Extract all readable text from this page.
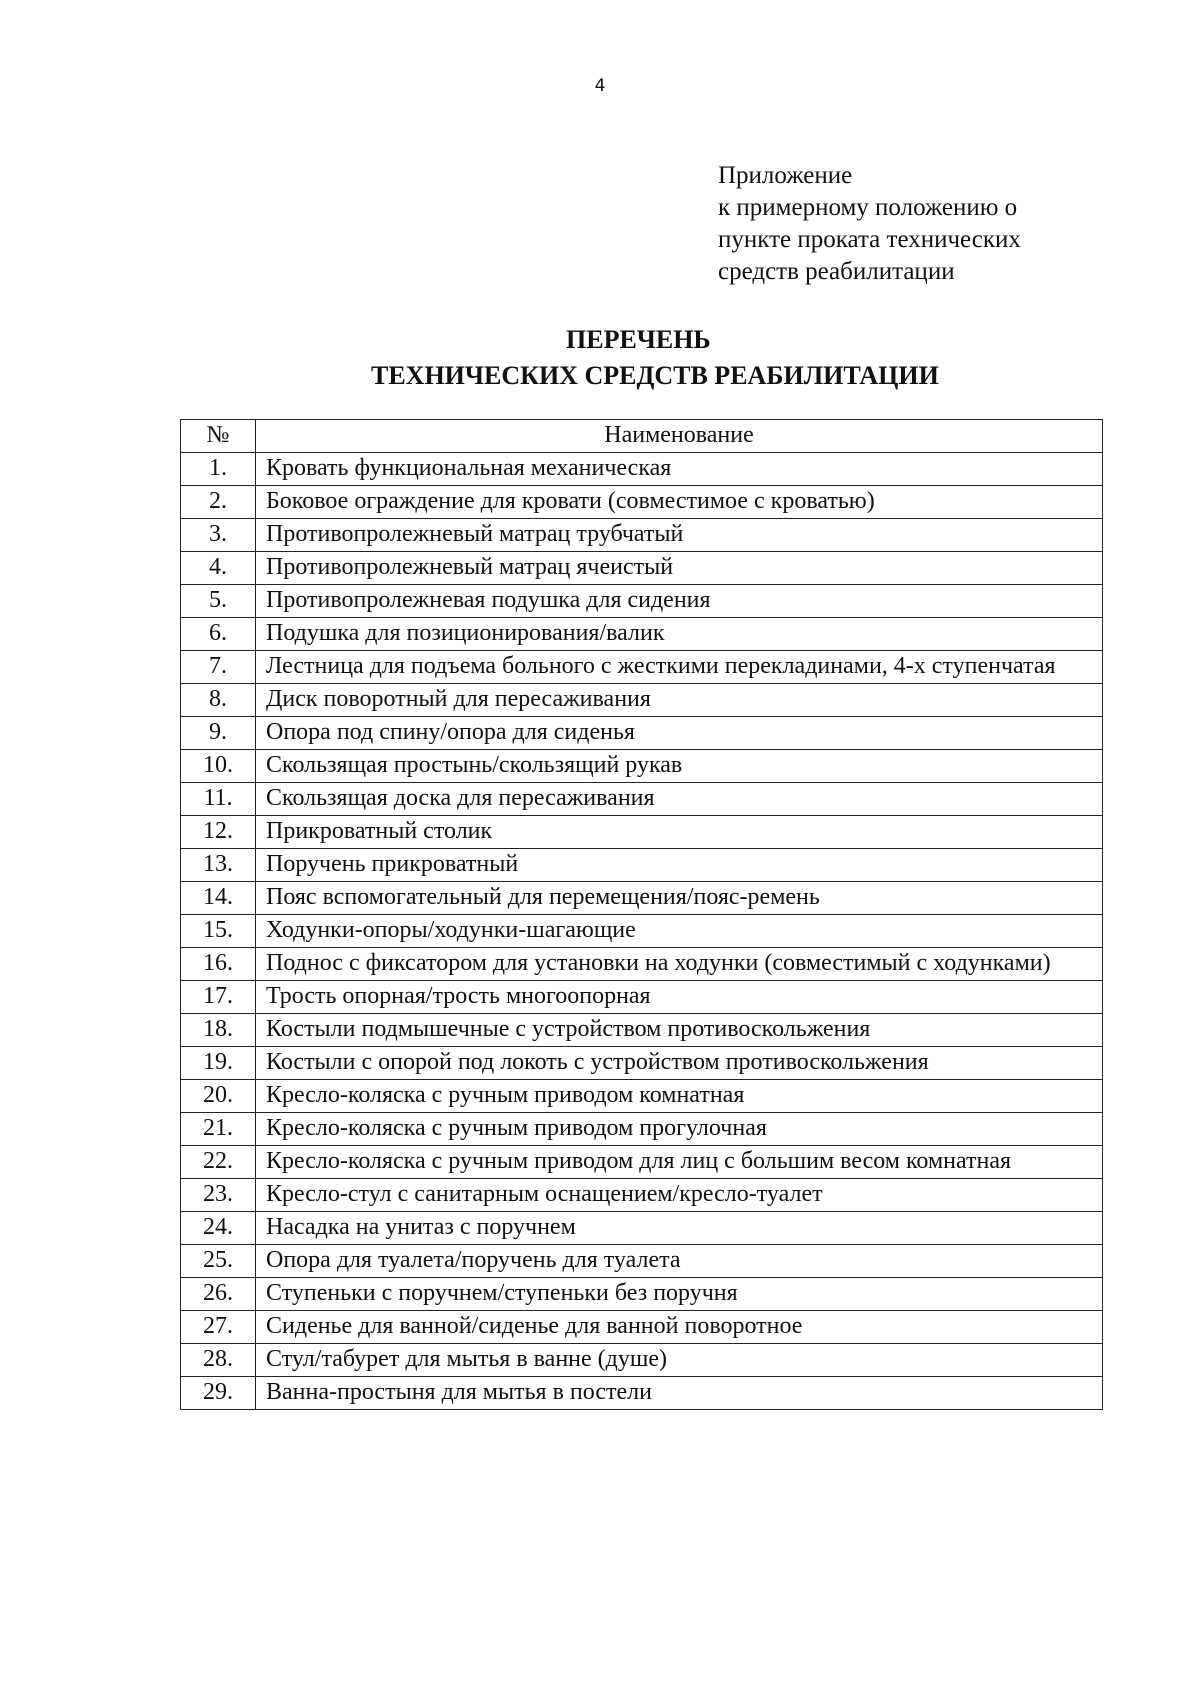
4
Приложение
к примерному положению о
пункте проката технических
средств реабилитации
ПЕРЕЧЕНЬ
ТЕХНИЧЕСКИХ СРЕДСТВ РЕАБИЛИТАЦИИ
№	Наименование
1.	Кровать функциональная механическая
2.	Боковое ограждение для кровати (совместимое с кроватью)
3.	Противопролежневый матрац трубчатый
4.	Противопролежневый матрац ячеистый
5.	Противопролежневая подушка для сидения
6.	Подушка для позиционирования/валик
7.	Лестница для подъема больного с жесткими перекладинами, 4-х ступенчатая
8.	Диск поворотный для пересаживания
9.	Опора под спину/опора для сиденья
10.	Скользящая простынь/скользящий рукав
11.	Скользящая доска для пересаживания
12.	Прикроватный столик
13.	Поручень прикроватный
14.	Пояс вспомогательный для перемещения/пояс-ремень
15.	Ходунки-опоры/ходунки-шагающие
16.	Поднос с фиксатором для установки на ходунки (совместимый с ходунками)
17.	Трость опорная/трость многоопорная
18.	Костыли подмышечные с устройством противоскольжения
19.	Костыли с опорой под локоть с устройством противоскольжения
20.	Кресло-коляска с ручным приводом комнатная
21.	Кресло-коляска с ручным приводом прогулочная
22.	Кресло-коляска с ручным приводом для лиц с большим весом комнатная
23.	Кресло-стул с санитарным оснащением/кресло-туалет
24.	Насадка на унитаз с поручнем
25.	Опора для туалета/поручень для туалета
26.	Ступеньки с поручнем/ступеньки без поручня
27.	Сиденье для ванной/сиденье для ванной поворотное
28.	Стул/табурет для мытья в ванне (душе)
29.	Ванна-простыня для мытья в постели
